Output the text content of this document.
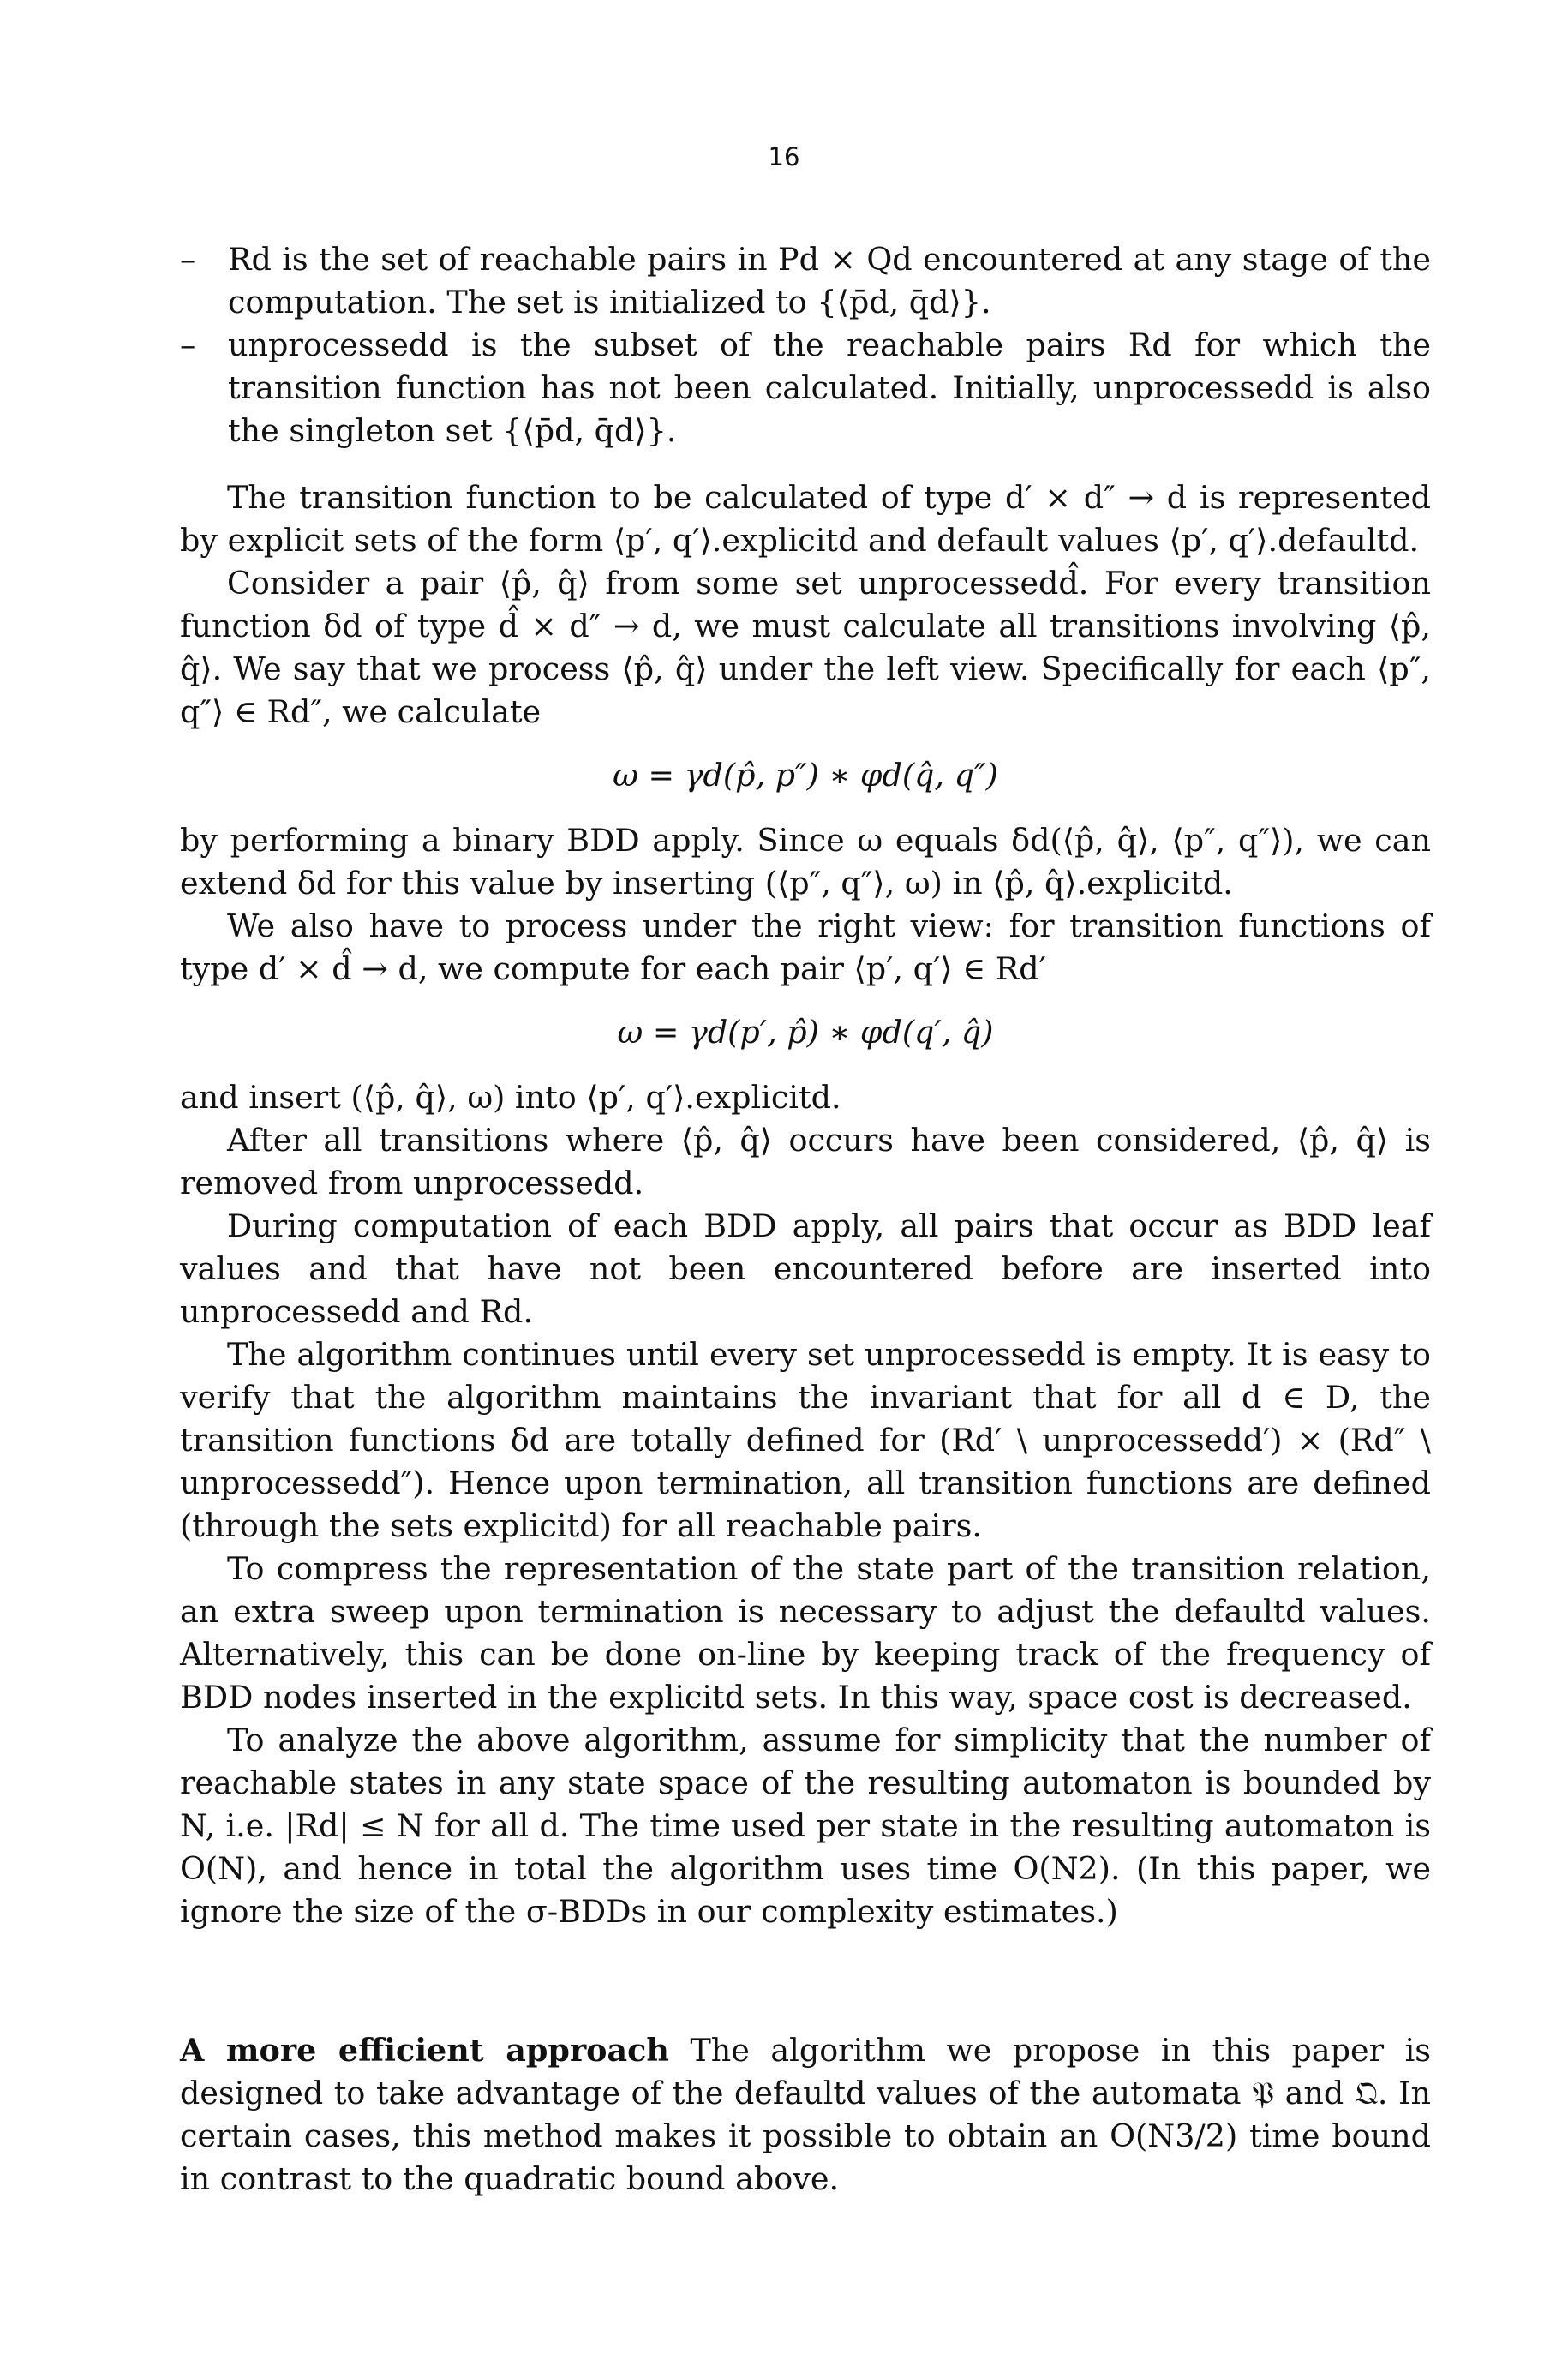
16
– Rd is the set of reachable pairs in Pd × Qd encountered at any stage of the computation. The set is initialized to {⟨p̄d, q̄d⟩}.
– unprocessedd is the subset of the reachable pairs Rd for which the transition function has not been calculated. Initially, unprocessedd is also the singleton set {⟨p̄d, q̄d⟩}.

The transition function to be calculated of type d′ × d″ → d is represented by explicit sets of the form ⟨p′, q′⟩.explicitd and default values ⟨p′, q′⟩.defaultd.

Consider a pair ⟨p̂, q̂⟩ from some set unprocessedd̂. For every transition function δd of type d̂ × d″ → d, we must calculate all transitions involving ⟨p̂, q̂⟩. We say that we process ⟨p̂, q̂⟩ under the left view. Specifically for each ⟨p″, q″⟩ ∈ Rd″, we calculate

ω = γd(p̂, p″) ∗ φd(q̂, q″)

by performing a binary BDD apply. Since ω equals δd(⟨p̂, q̂⟩, ⟨p″, q″⟩), we can extend δd for this value by inserting (⟨p″, q″⟩, ω) in ⟨p̂, q̂⟩.explicitd.

We also have to process under the right view: for transition functions of type d′ × d̂ → d, we compute for each pair ⟨p′, q′⟩ ∈ Rd′

ω = γd(p′, p̂) ∗ φd(q′, q̂)

and insert (⟨p̂, q̂⟩, ω) into ⟨p′, q′⟩.explicitd.

After all transitions where ⟨p̂, q̂⟩ occurs have been considered, ⟨p̂, q̂⟩ is removed from unprocessedd.

During computation of each BDD apply, all pairs that occur as BDD leaf values and that have not been encountered before are inserted into unprocessedd and Rd.

The algorithm continues until every set unprocessedd is empty. It is easy to verify that the algorithm maintains the invariant that for all d ∈ D, the transition functions δd are totally defined for (Rd′ \ unprocessedd′) × (Rd″ \ unprocessedd″). Hence upon termination, all transition functions are defined (through the sets explicitd) for all reachable pairs.

To compress the representation of the state part of the transition relation, an extra sweep upon termination is necessary to adjust the defaultd values. Alternatively, this can be done on-line by keeping track of the frequency of BDD nodes inserted in the explicitd sets. In this way, space cost is decreased.

To analyze the above algorithm, assume for simplicity that the number of reachable states in any state space of the resulting automaton is bounded by N, i.e. |Rd| ≤ N for all d. The time used per state in the resulting automaton is O(N), and hence in total the algorithm uses time O(N2). (In this paper, we ignore the size of the σ-BDDs in our complexity estimates.)

A more efficient approach The algorithm we propose in this paper is designed to take advantage of the defaultd values of the automata 𝔓 and 𝔔. In certain cases, this method makes it possible to obtain an O(N3/2) time bound in contrast to the quadratic bound above.
